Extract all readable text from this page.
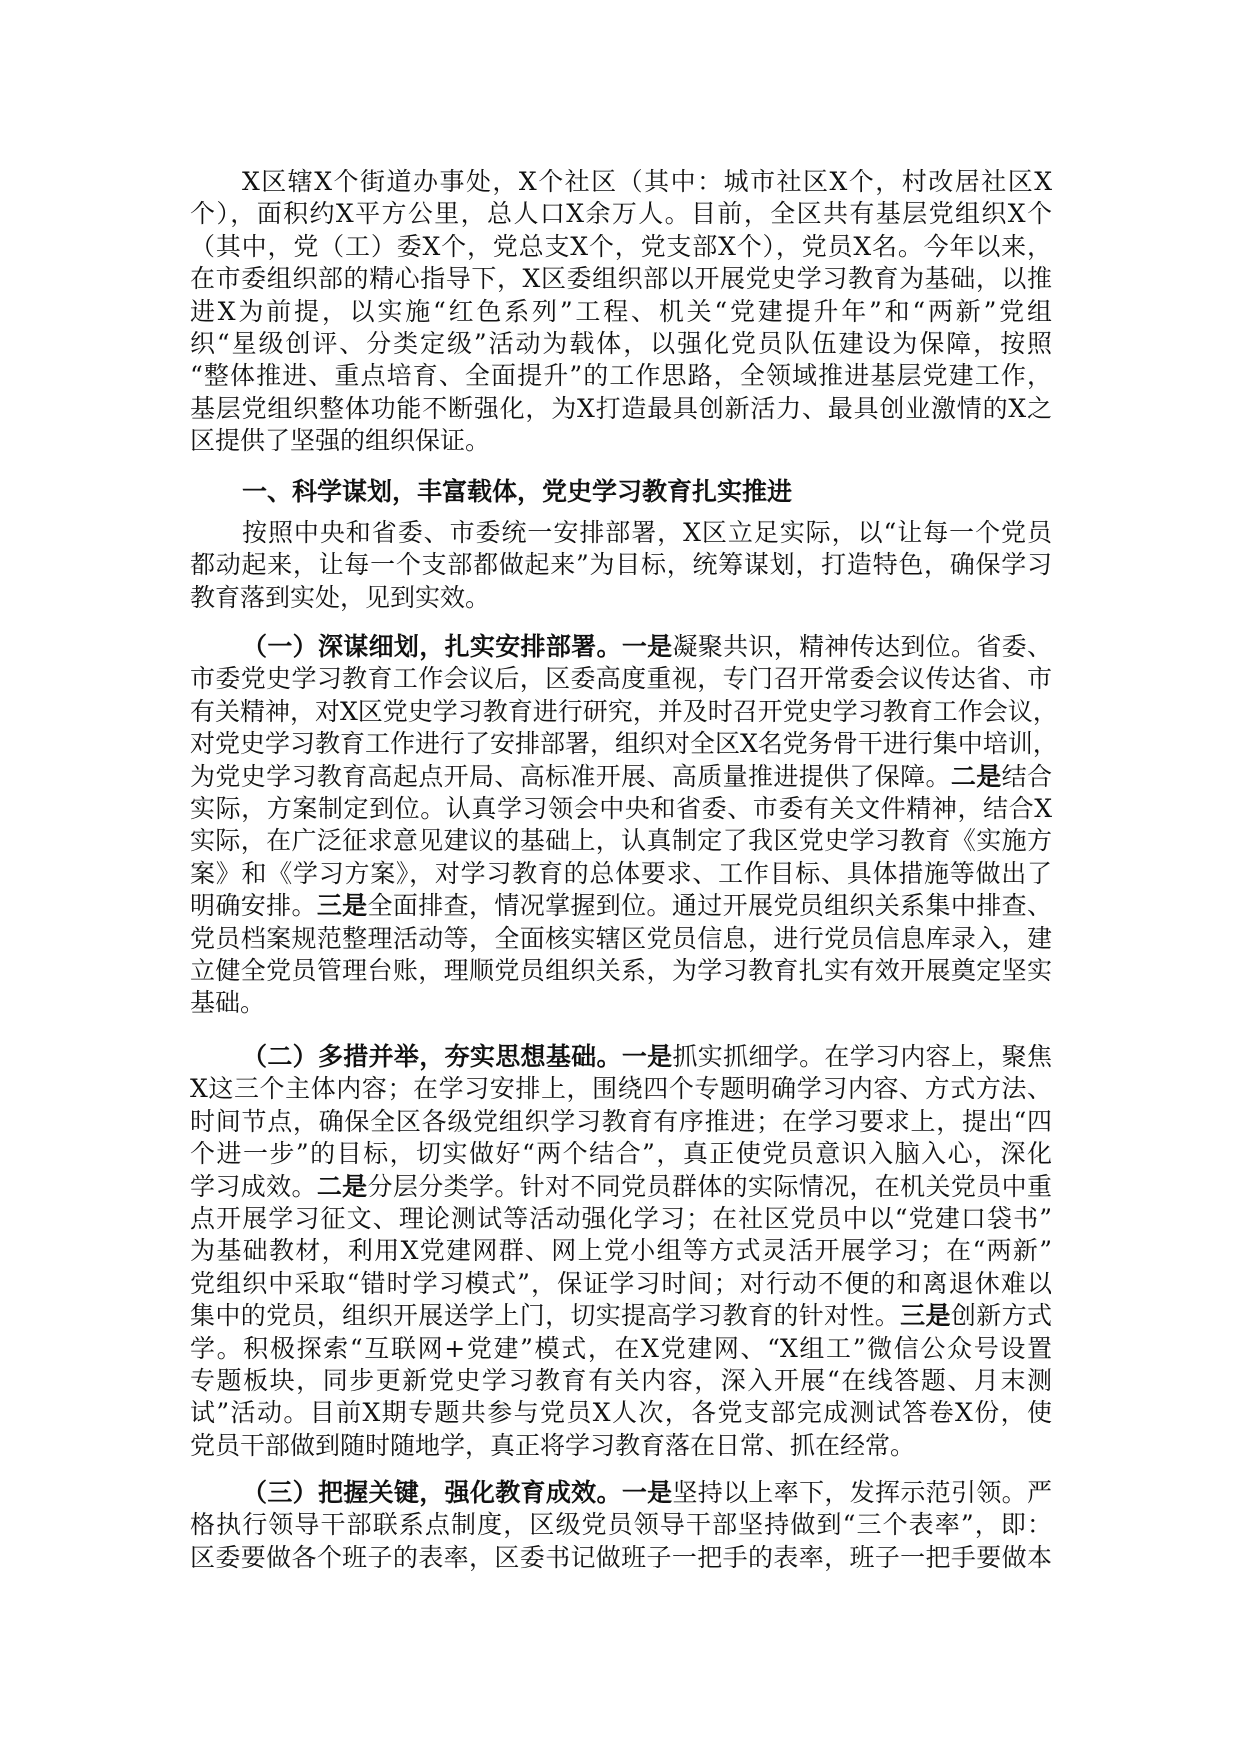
X区辖X个街道办事处，X个社区（其中：城市社区X个，村改居社区X
个），面积约X平方公里，总人口X余万人。目前，全区共有基层党组织X个
（其中，党（工）委X个，党总支X个，党支部X个），党员X名。今年以来，
在市委组织部的精心指导下，X区委组织部以开展党史学习教育为基础，以推
进X为前提，以实施“红色系列”工程、机关“党建提升年”和“两新”党组
织“星级创评、分类定级”活动为载体，以强化党员队伍建设为保障，按照
“整体推进、重点培育、全面提升”的工作思路，全领域推进基层党建工作，
基层党组织整体功能不断强化，为X打造最具创新活力、最具创业激情的X之
区提供了坚强的组织保证。
一、科学谋划，丰富载体，党史学习教育扎实推进
按照中央和省委、市委统一安排部署，X区立足实际，以“让每一个党员
都动起来，让每一个支部都做起来”为目标，统筹谋划，打造特色，确保学习
教育落到实处，见到实效。
（一）深谋细划，扎实安排部署。一是凝聚共识，精神传达到位。省委、
市委党史学习教育工作会议后，区委高度重视，专门召开常委会议传达省、市
有关精神，对X区党史学习教育进行研究，并及时召开党史学习教育工作会议，
对党史学习教育工作进行了安排部署，组织对全区X名党务骨干进行集中培训，
为党史学习教育高起点开局、高标准开展、高质量推进提供了保障。二是结合
实际，方案制定到位。认真学习领会中央和省委、市委有关文件精神，结合X
实际，在广泛征求意见建议的基础上，认真制定了我区党史学习教育《实施方
案》和《学习方案》，对学习教育的总体要求、工作目标、具体措施等做出了
明确安排。三是全面排查，情况掌握到位。通过开展党员组织关系集中排查、
党员档案规范整理活动等，全面核实辖区党员信息，进行党员信息库录入，建
立健全党员管理台账，理顺党员组织关系，为学习教育扎实有效开展奠定坚实
基础。
（二）多措并举，夯实思想基础。一是抓实抓细学。在学习内容上，聚焦
X这三个主体内容；在学习安排上，围绕四个专题明确学习内容、方式方法、
时间节点，确保全区各级党组织学习教育有序推进；在学习要求上，提出“四
个进一步”的目标，切实做好“两个结合”，真正使党员意识入脑入心，深化
学习成效。二是分层分类学。针对不同党员群体的实际情况，在机关党员中重
点开展学习征文、理论测试等活动强化学习；在社区党员中以“党建口袋书”
为基础教材，利用X党建网群、网上党小组等方式灵活开展学习；在“两新”
党组织中采取“错时学习模式”，保证学习时间；对行动不便的和离退休难以
集中的党员，组织开展送学上门，切实提高学习教育的针对性。三是创新方式
学。积极探索“互联网+党建”模式，在X党建网、“X组工”微信公众号设置
专题板块，同步更新党史学习教育有关内容，深入开展“在线答题、月末测
试”活动。目前X期专题共参与党员X人次，各党支部完成测试答卷X份，使
党员干部做到随时随地学，真正将学习教育落在日常、抓在经常。
（三）把握关键，强化教育成效。一是坚持以上率下，发挥示范引领。严
格执行领导干部联系点制度，区级党员领导干部坚持做到“三个表率”，即：
区委要做各个班子的表率，区委书记做班子一把手的表率，班子一把手要做本
